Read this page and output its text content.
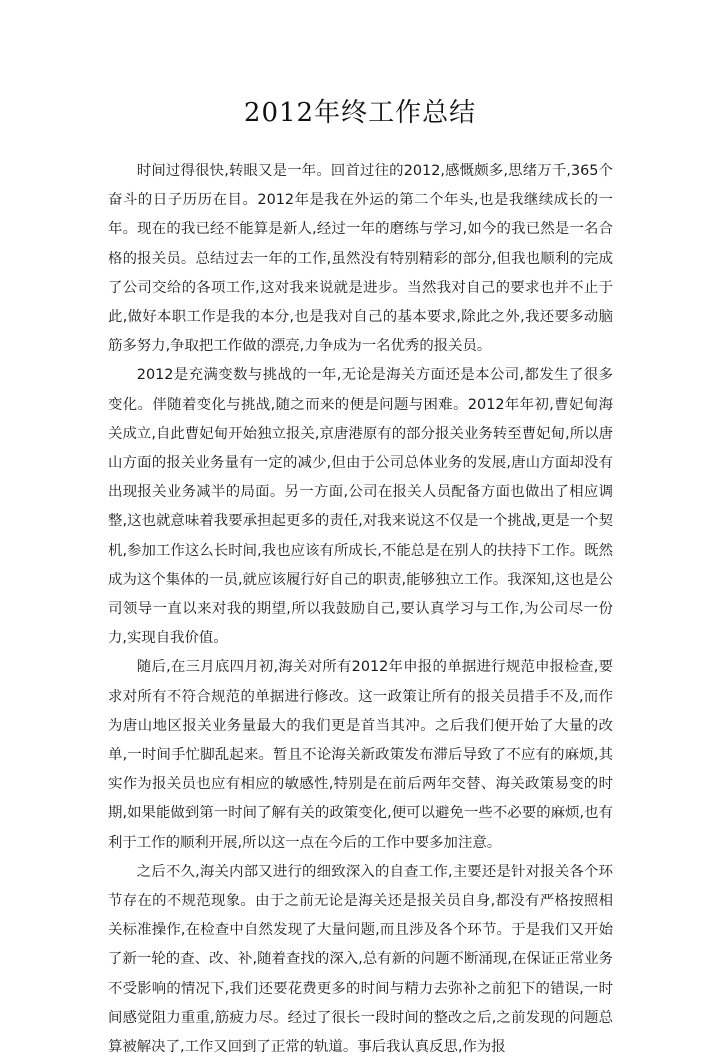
2012年终工作总结

时间过得很快,转眼又是一年。回首过往的2012,感慨颇多,思绪万千,365个奋斗的日子历历在目。2012年是我在外运的第二个年头,也是我继续成长的一年。现在的我已经不能算是新人,经过一年的磨练与学习,如今的我已然是一名合格的报关员。总结过去一年的工作,虽然没有特别精彩的部分,但我也顺利的完成了公司交给的各项工作,这对我来说就是进步。当然我对自己的要求也并不止于此,做好本职工作是我的本分,也是我对自己的基本要求,除此之外,我还要多动脑筋多努力,争取把工作做的漂亮,力争成为一名优秀的报关员。

2012是充满变数与挑战的一年,无论是海关方面还是本公司,都发生了很多变化。伴随着变化与挑战,随之而来的便是问题与困难。2012年年初,曹妃甸海关成立,自此曹妃甸开始独立报关,京唐港原有的部分报关业务转至曹妃甸,所以唐山方面的报关业务量有一定的减少,但由于公司总体业务的发展,唐山方面却没有出现报关业务减半的局面。另一方面,公司在报关人员配备方面也做出了相应调整,这也就意味着我要承担起更多的责任,对我来说这不仅是一个挑战,更是一个契机,参加工作这么长时间,我也应该有所成长,不能总是在别人的扶持下工作。既然成为这个集体的一员,就应该履行好自己的职责,能够独立工作。我深知,这也是公司领导一直以来对我的期望,所以我鼓励自己,要认真学习与工作,为公司尽一份力,实现自我价值。

随后,在三月底四月初,海关对所有2012年申报的单据进行规范申报检查,要求对所有不符合规范的单据进行修改。这一政策让所有的报关员措手不及,而作为唐山地区报关业务量最大的我们更是首当其冲。之后我们便开始了大量的改单,一时间手忙脚乱起来。暂且不论海关新政策发布滞后导致了不应有的麻烦,其实作为报关员也应有相应的敏感性,特别是在前后两年交替、海关政策易变的时期,如果能做到第一时间了解有关的政策变化,便可以避免一些不必要的麻烦,也有利于工作的顺利开展,所以这一点在今后的工作中要多加注意。

之后不久,海关内部又进行的细致深入的自查工作,主要还是针对报关各个环节存在的不规范现象。由于之前无论是海关还是报关员自身,都没有严格按照相关标准操作,在检查中自然发现了大量问题,而且涉及各个环节。于是我们又开始了新一轮的查、改、补,随着查找的深入,总有新的问题不断涌现,在保证正常业务不受影响的情况下,我们还要花费更多的时间与精力去弥补之前犯下的错误,一时间感觉阻力重重,筋疲力尽。经过了很长一段时间的整改之后,之前发现的问题总算被解决了,工作又回到了正常的轨道。事后我认真反思,作为报
